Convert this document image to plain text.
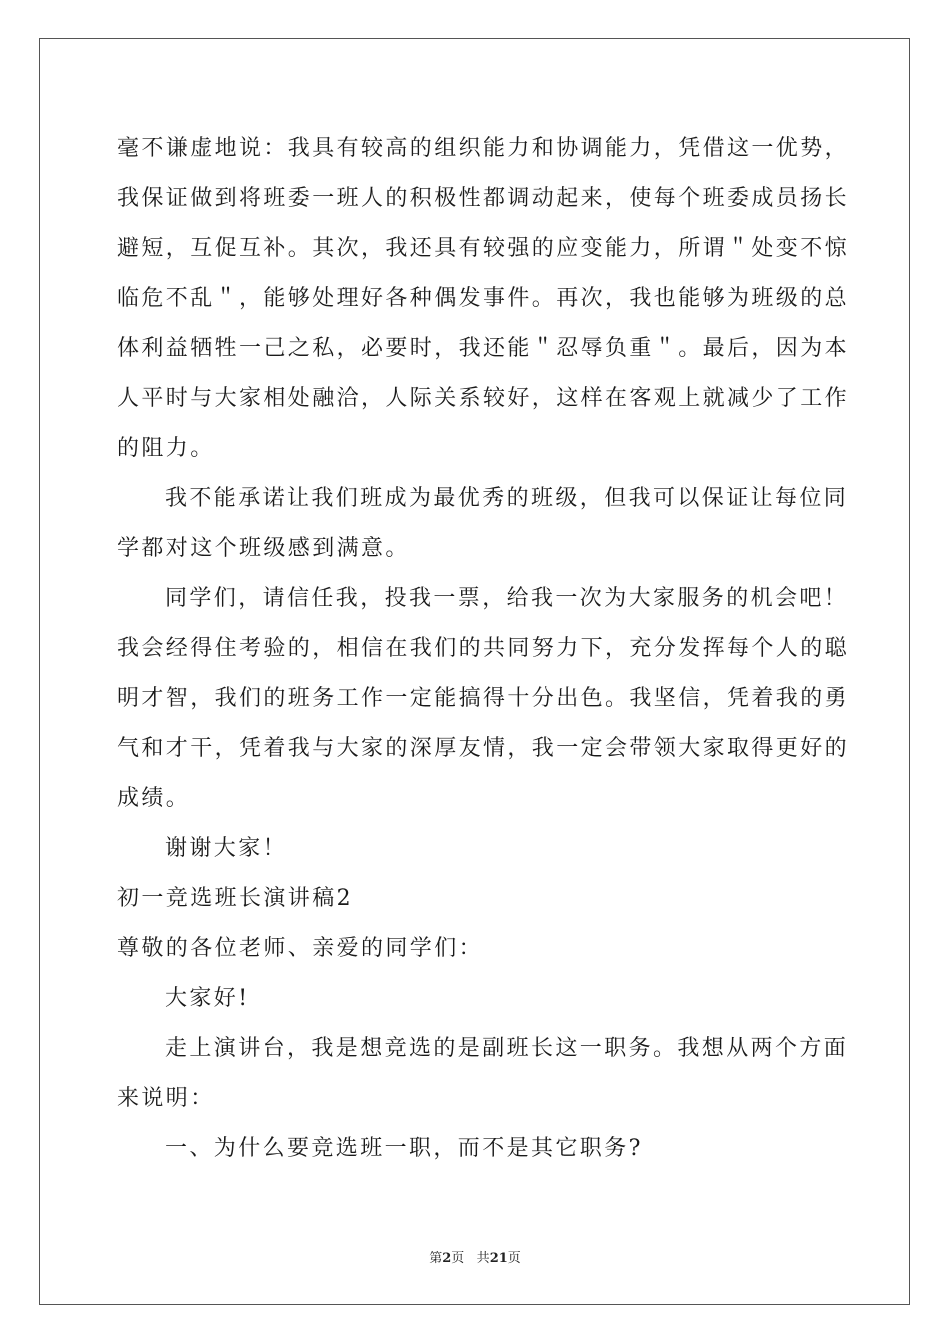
毫不谦虚地说：我具有较高的组织能力和协调能力，凭借这一优势，
我保证做到将班委一班人的积极性都调动起来，使每个班委成员扬长
避短，互促互补。其次，我还具有较强的应变能力，所谓＂处变不惊
临危不乱＂，能够处理好各种偶发事件。再次，我也能够为班级的总
体利益牺牲一己之私，必要时，我还能＂忍辱负重＂。最后，因为本
人平时与大家相处融洽，人际关系较好，这样在客观上就减少了工作
的阻力。
我不能承诺让我们班成为最优秀的班级，但我可以保证让每位同
学都对这个班级感到满意。
同学们，请信任我，投我一票，给我一次为大家服务的机会吧！
我会经得住考验的，相信在我们的共同努力下，充分发挥每个人的聪
明才智，我们的班务工作一定能搞得十分出色。我坚信，凭着我的勇
气和才干，凭着我与大家的深厚友情，我一定会带领大家取得更好的
成绩。
谢谢大家！
初一竞选班长演讲稿2
尊敬的各位老师、亲爱的同学们：
大家好!
走上演讲台，我是想竞选的是副班长这一职务。我想从两个方面
来说明：
一、为什么要竞选班一职，而不是其它职务?
第2页 共21页
